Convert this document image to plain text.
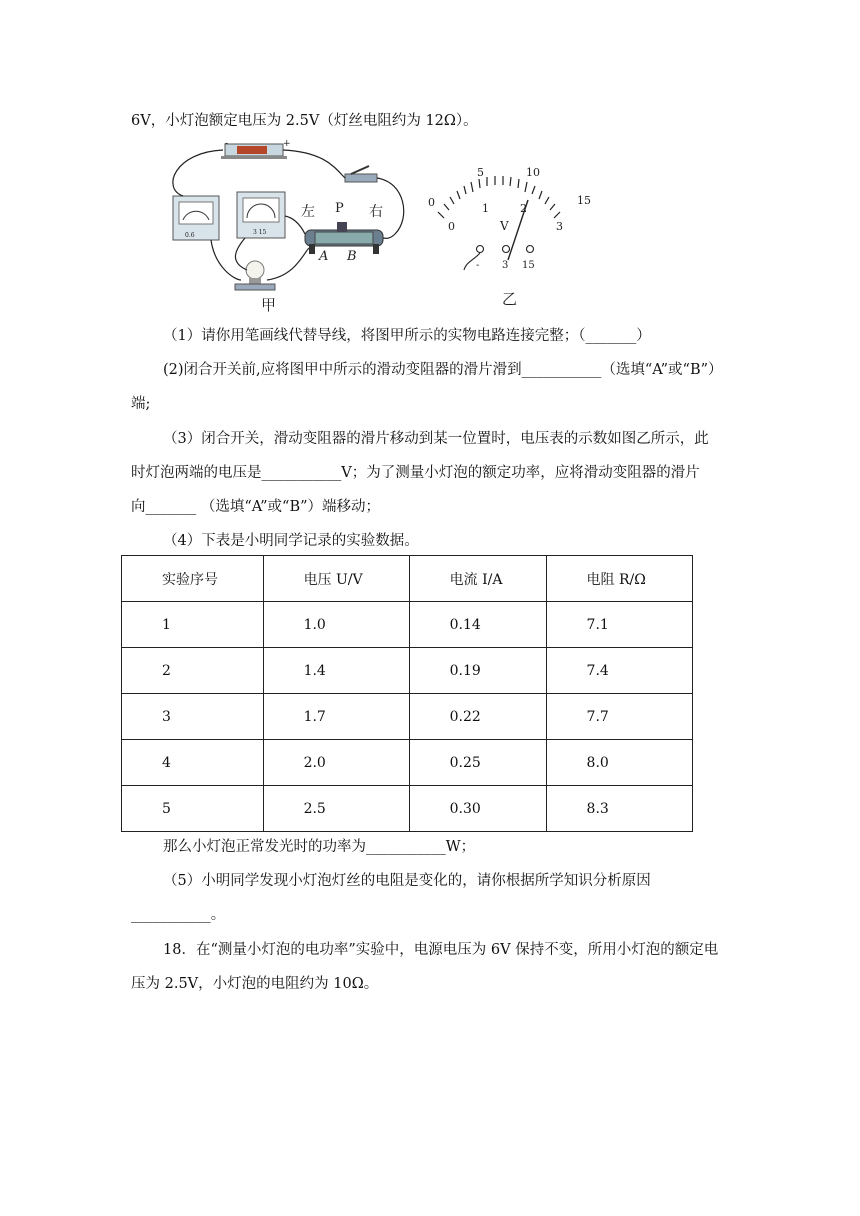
6V，小灯泡额定电压为 2.5V（灯丝电阻约为 12Ω）。
-	+
0.6	3 15
左 P 右
A B
甲
0
5	10
15
0
1	2
3
V
- 3 15
乙
（1）请你用笔画线代替导线，将图甲所示的实物电路连接完整；（_______）
(2)闭合开关前,应将图甲中所示的滑动变阻器的滑片滑到___________（选填“A”或“B”）
端;
（3）闭合开关，滑动变阻器的滑片移动到某一位置时，电压表的示数如图乙所示，此
时灯泡两端的电压是___________V；为了测量小灯泡的额定功率，应将滑动变阻器的滑片
向_______ （选填“A”或“B”）端移动；
（4）下表是小明同学记录的实验数据。
实验序号	电压 U/V	电流 I/A	电阻 R/Ω
1	1.0	0.14	7.1
2	1.4	0.19	7.4
3	1.7	0.22	7.7
4	2.0	0.25	8.0
5	2.5	0.30	8.3
那么小灯泡正常发光时的功率为___________W；
（5）小明同学发现小灯泡灯丝的电阻是变化的，请你根据所学知识分析原因
___________。
18．在“测量小灯泡的电功率”实验中，电源电压为 6V 保持不变，所用小灯泡的额定电
压为 2.5V，小灯泡的电阻约为 10Ω。
